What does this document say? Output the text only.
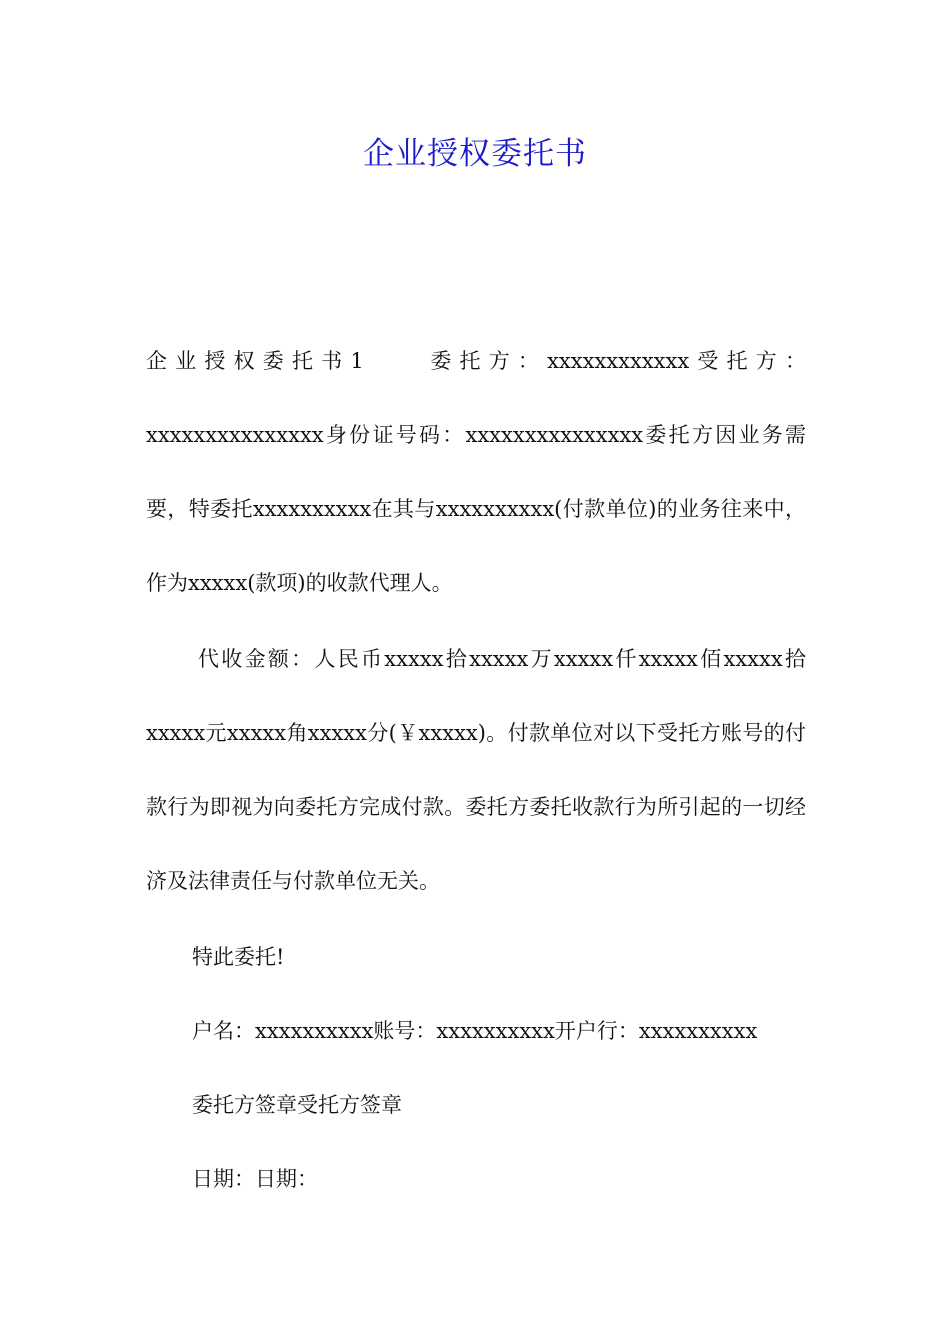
企业授权委托书

企业授权委托书1　　委托方：xxxxxxxxxxxx受托方：xxxxxxxxxxxxxxx身份证号码：xxxxxxxxxxxxxxx委托方因业务需要，特委托xxxxxxxxxx在其与xxxxxxxxxx(付款单位)的业务往来中，作为xxxxx(款项)的收款代理人。

代收金额：人民币xxxxx拾xxxxx万xxxxx仟xxxxx佰xxxxx拾xxxxx元xxxxx角xxxxx分(￥xxxxx)。付款单位对以下受托方账号的付款行为即视为向委托方完成付款。委托方委托收款行为所引起的一切经济及法律责任与付款单位无关。

特此委托!

户名：xxxxxxxxxx账号：xxxxxxxxxx开户行：xxxxxxxxxx

委托方签章受托方签章

日期：日期：
